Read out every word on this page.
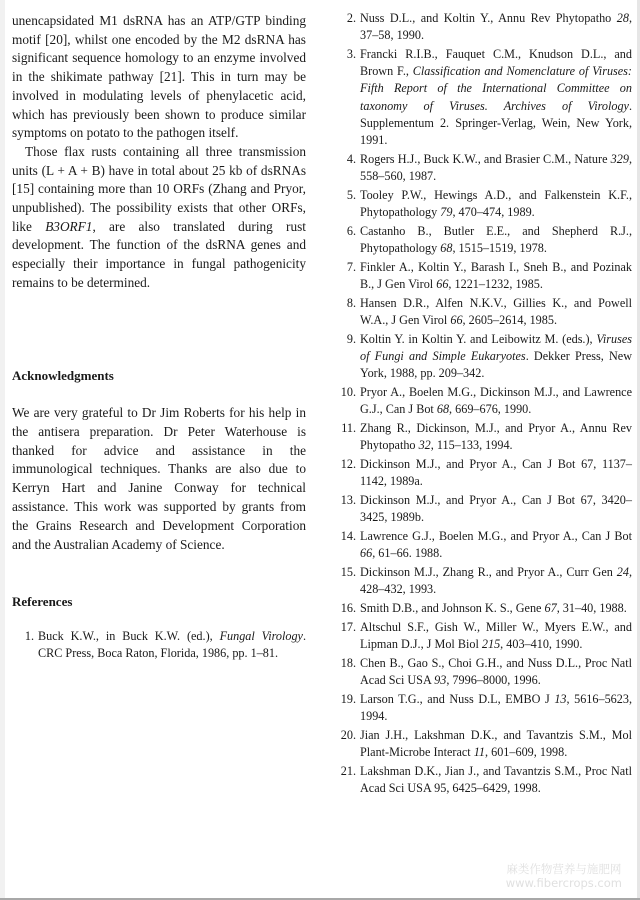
unencapsidated M1 dsRNA has an ATP/GTP binding motif [20], whilst one encoded by the M2 dsRNA has significant sequence homology to an enzyme involved in the shikimate pathway [21]. This in turn may be involved in modulating levels of phenylacetic acid, which has previously been shown to produce similar symptoms on potato to the pathogen itself.

Those flax rusts containing all three transmission units (L + A + B) have in total about 25 kb of dsRNAs [15] containing more than 10 ORFs (Zhang and Pryor, unpublished). The possibility exists that other ORFs, like B3ORF1, are also translated during rust development. The function of the dsRNA genes and especially their importance in fungal pathogenicity remains to be determined.

Acknowledgments

We are very grateful to Dr Jim Roberts for his help in the antisera preparation. Dr Peter Waterhouse is thanked for advice and assistance in the immunological techniques. Thanks are also due to Kerryn Hart and Janine Conway for technical assistance. This work was supported by grants from the Grains Research and Development Corporation and the Australian Academy of Science.

References
1. Buck K.W., in Buck K.W. (ed.), Fungal Virology. CRC Press, Boca Raton, Florida, 1986, pp. 1–81.
2. Nuss D.L., and Koltin Y., Annu Rev Phytopatho 28, 37–58, 1990.
3. Francki R.I.B., Fauquet C.M., Knudson D.L., and Brown F., Classification and Nomenclature of Viruses: Fifth Report of the International Committee on taxonomy of Viruses. Archives of Virology. Supplementum 2. Springer-Verlag, Wein, New York, 1991.
4. Rogers H.J., Buck K.W., and Brasier C.M., Nature 329, 558–560, 1987.
5. Tooley P.W., Hewings A.D., and Falkenstein K.F., Phytopathology 79, 470–474, 1989.
6. Castanho B., Butler E.E., and Shepherd R.J., Phytopathology 68, 1515–1519, 1978.
7. Finkler A., Koltin Y., Barash I., Sneh B., and Pozinak B., J Gen Virol 66, 1221–1232, 1985.
8. Hansen D.R., Alfen N.K.V., Gillies K., and Powell W.A., J Gen Virol 66, 2605–2614, 1985.
9. Koltin Y. in Koltin Y. and Leibowitz M. (eds.), Viruses of Fungi and Simple Eukaryotes. Dekker Press, New York, 1988, pp. 209–342.
10. Pryor A., Boelen M.G., Dickinson M.J., and Lawrence G.J., Can J Bot 68, 669–676, 1990.
11. Zhang R., Dickinson, M.J., and Pryor A., Annu Rev Phytopatho 32, 115–133, 1994.
12. Dickinson M.J., and Pryor A., Can J Bot 67, 1137–1142, 1989a.
13. Dickinson M.J., and Pryor A., Can J Bot 67, 3420–3425, 1989b.
14. Lawrence G.J., Boelen M.G., and Pryor A., Can J Bot 66, 61–66. 1988.
15. Dickinson M.J., Zhang R., and Pryor A., Curr Gen 24, 428–432, 1993.
16. Smith D.B., and Johnson K. S., Gene 67, 31–40, 1988.
17. Altschul S.F., Gish W., Miller W., Myers E.W., and Lipman D.J., J Mol Biol 215, 403–410, 1990.
18. Chen B., Gao S., Choi G.H., and Nuss D.L., Proc Natl Acad Sci USA 93, 7996–8000, 1996.
19. Larson T.G., and Nuss D.L, EMBO J 13, 5616–5623, 1994.
20. Jian J.H., Lakshman D.K., and Tavantzis S.M., Mol Plant-Microbe Interact 11, 601–609, 1998.
21. Lakshman D.K., Jian J., and Tavantzis S.M., Proc Natl Acad Sci USA 95, 6425–6429, 1998.
麻类作物营养与施肥网
www.fibercrops.com
